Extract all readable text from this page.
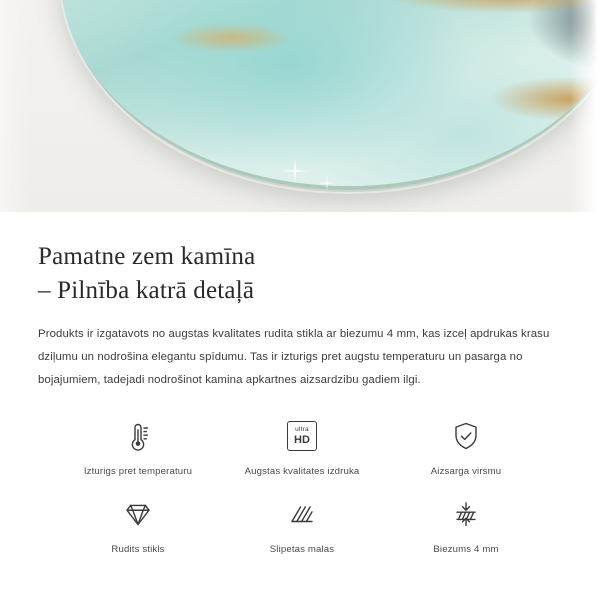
Pamatne zem kamīna
– Pilnība katrā detaļā

Produkts ir izgatavots no augstas kvalitates rudita stikla ar biezumu 4 mm, kas izceļ apdrukas krasu dziļumu un nodrošina elegantu spīdumu. Tas ir izturigs pret augstu temperaturu un pasarga no bojajumiem, tadejadi nodrošinot kamina apkartnes aizsardzibu gadiem ilgi.

Izturigs pret temperaturu
ultra
HD
Augstas kvalitates izdruka	Aizsarga virsmu
Rudits stikls	Slipetas malas	Biezums 4 mm
